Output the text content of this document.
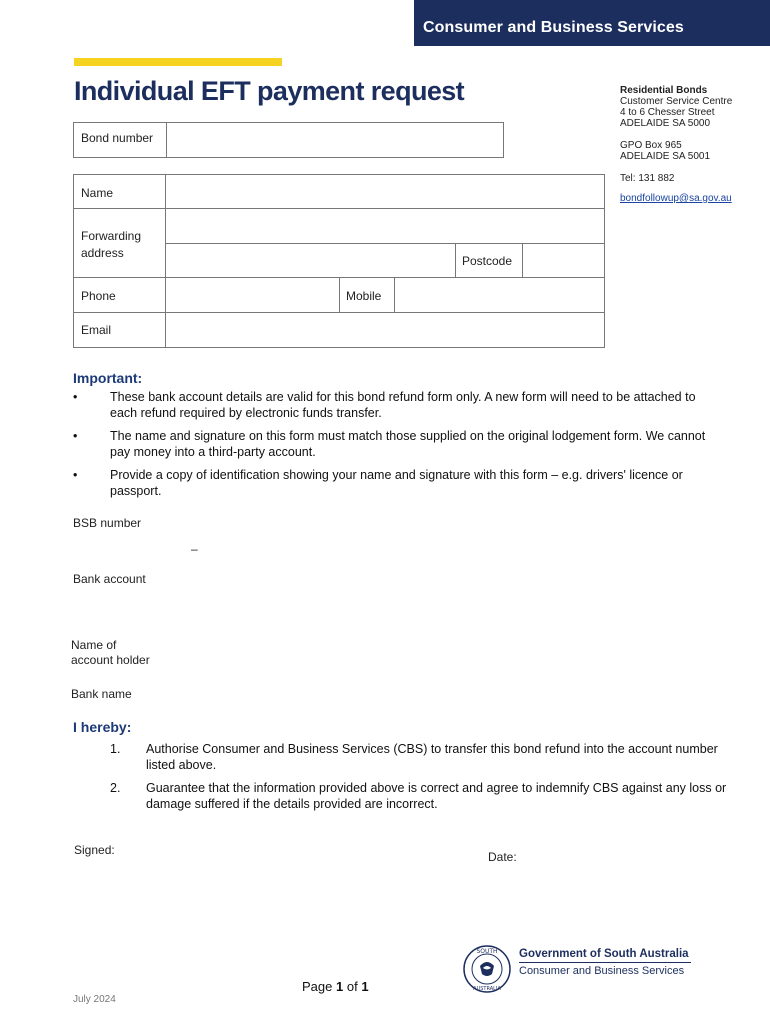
Consumer and Business Services
Individual EFT payment request	Residential Bonds
Customer Service Centre
4 to 6 Chesser Street
ADELAIDE SA 5000
GPO Box 965
ADELAIDE SA 5001
Tel: 131 882
bondfollowup@sa.gov.au
Bond number
Name
Forwarding
address
Postcode
Phone	Mobile
Email
Important:
•	These bank account details are valid for this bond refund form only. A new form will need to be attached to each refund required by electronic funds transfer.
•	The name and signature on this form must match those supplied on the original lodgement form. We cannot pay money into a third-party account.
•	Provide a copy of identification showing your name and signature with this form – e.g. drivers' licence or passport.
BSB number
–
Bank account
Name of
account holder
Bank name
I hereby:
1. Authorise Consumer and Business Services (CBS) to transfer this bond refund into the account number listed above.
2. Guarantee that the information provided above is correct and agree to indemnify CBS against any loss or damage suffered if the details provided are incorrect.
Signed:	Date:
SOUTH
AUSTRALIA
Government of South Australia
Consumer and Business Services
Page 1 of 1
July 2024
